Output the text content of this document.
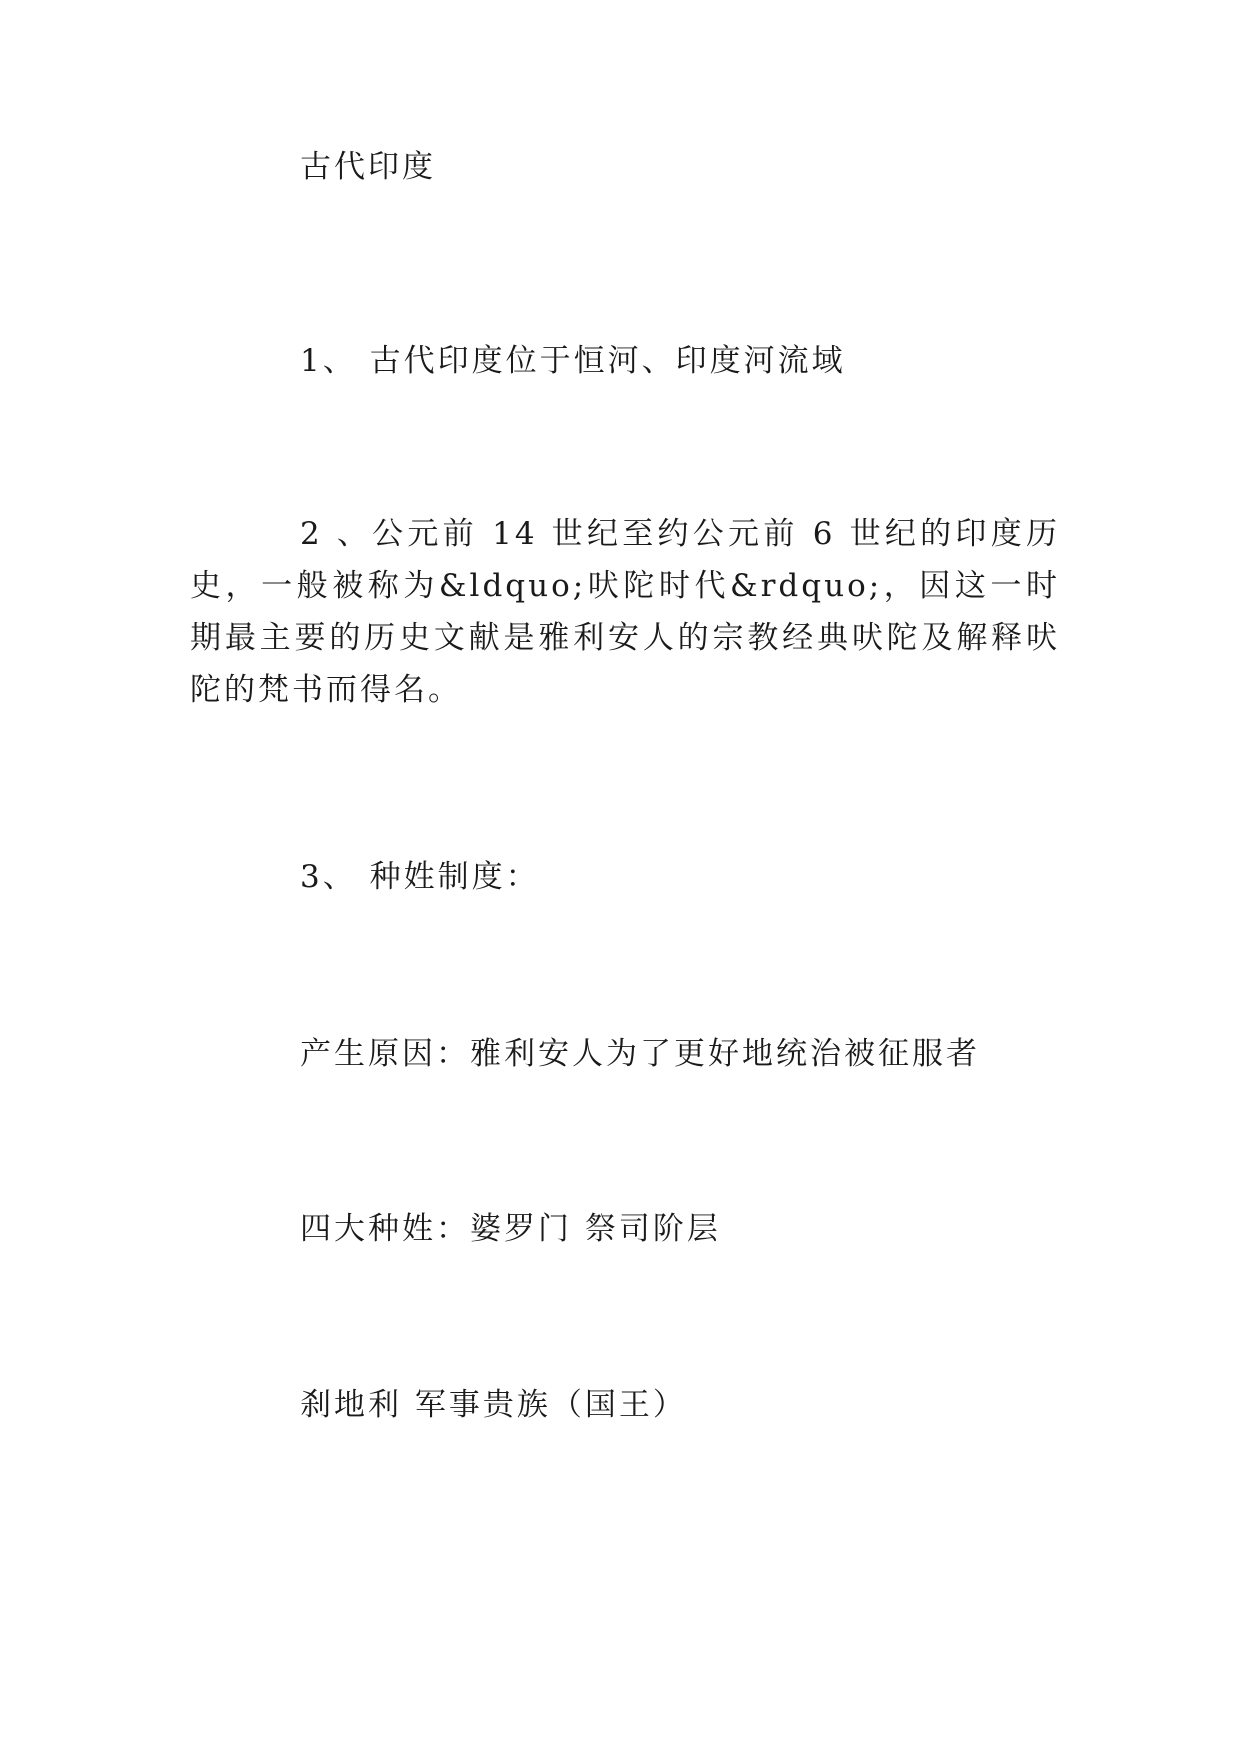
古代印度
1、 古代印度位于恒河、印度河流域
2 、公元前 14 世纪至约公元前 6 世纪的印度历史，一般被称为&ldquo;吠陀时代&rdquo;，因这一时期最主要的历史文献是雅利安人的宗教经典吠陀及解释吠陀的梵书而得名。
3、 种姓制度：
产生原因：雅利安人为了更好地统治被征服者
四大种姓：婆罗门 祭司阶层
刹地利 军事贵族（国王）
